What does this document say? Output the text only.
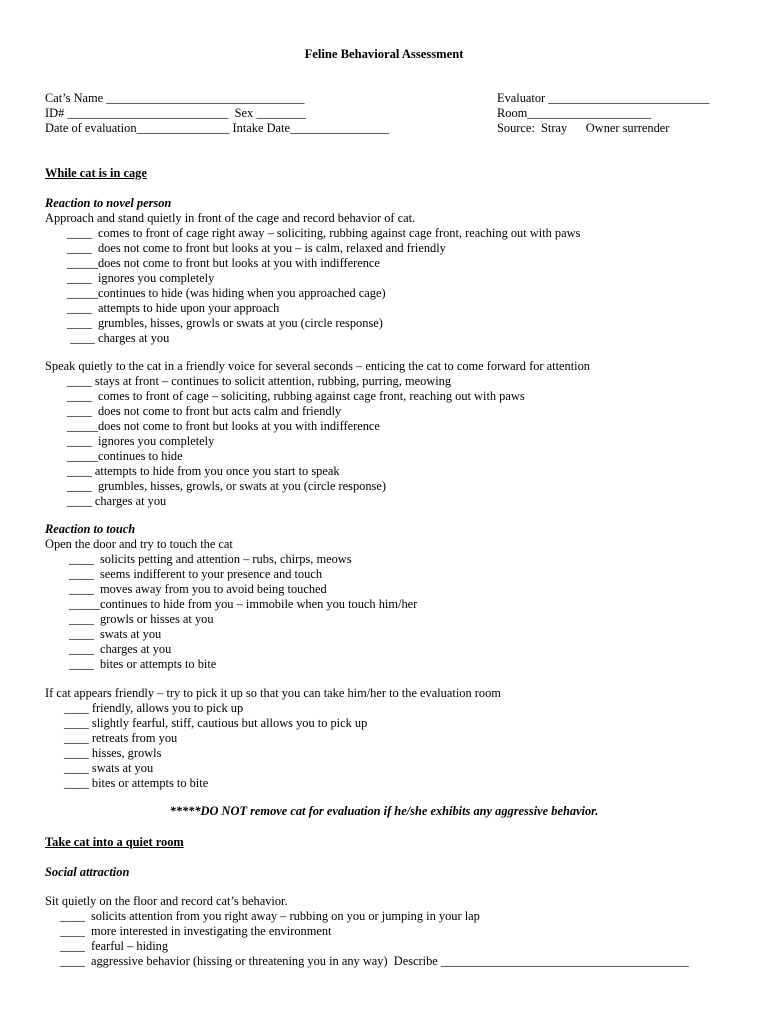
Feline Behavioral Assessment
Cat’s Name ________________________________
ID# __________________________  Sex ________
Date of evaluation_______________ Intake Date________________
Evaluator __________________________
Room____________________
Source:  Stray Owner surrender
While cat is in cage
Reaction to novel person
Approach and stand quietly in front of the cage and record behavior of cat.
____  comes to front of cage right away – soliciting, rubbing against cage front, reaching out with paws
____  does not come to front but looks at you – is calm, relaxed and friendly
_____does not come to front but looks at you with indifference
____  ignores you completely
_____continues to hide (was hiding when you approached cage)
____  attempts to hide upon your approach
____  grumbles, hisses, growls or swats at you (circle response)
____ charges at you
Speak quietly to the cat in a friendly voice for several seconds – enticing the cat to come forward for attention
____ stays at front – continues to solicit attention, rubbing, purring, meowing
____  comes to front of cage – soliciting, rubbing against cage front, reaching out with paws
____  does not come to front but acts calm and friendly
_____does not come to front but looks at you with indifference
____  ignores you completely
_____continues to hide
____ attempts to hide from you once you start to speak
____  grumbles, hisses, growls, or swats at you (circle response)
____ charges at you
Reaction to touch
Open the door and try to touch the cat
____  solicits petting and attention – rubs, chirps, meows
____  seems indifferent to your presence and touch
____  moves away from you to avoid being touched
_____continues to hide from you – immobile when you touch him/her
____  growls or hisses at you
____  swats at you
____  charges at you
____  bites or attempts to bite
If cat appears friendly – try to pick it up so that you can take him/her to the evaluation room
____ friendly, allows you to pick up
____ slightly fearful, stiff, cautious but allows you to pick up
____ retreats from you
____ hisses, growls
____ swats at you
____ bites or attempts to bite
*****DO NOT remove cat for evaluation if he/she exhibits any aggressive behavior.
Take cat into a quiet room
Social attraction
Sit quietly on the floor and record cat’s behavior.
____  solicits attention from you right away – rubbing on you or jumping in your lap
____  more interested in investigating the environment
____  fearful – hiding
____  aggressive behavior (hissing or threatening you in any way)  Describe ________________________________________
